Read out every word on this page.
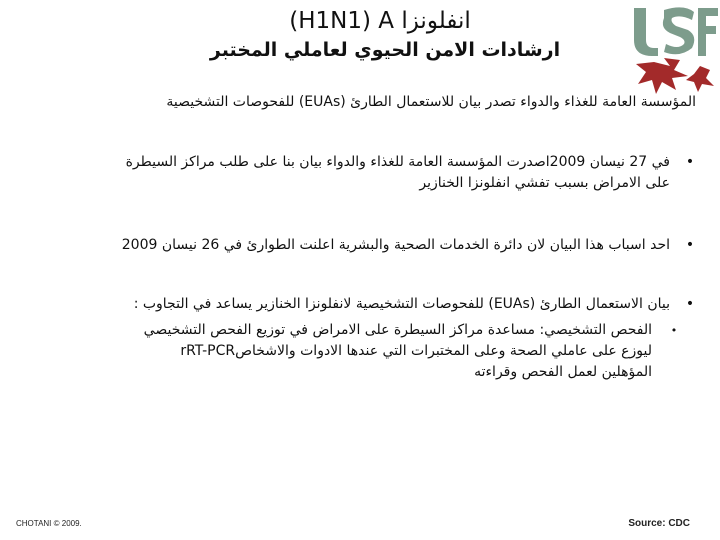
انفلونزا H1N1) A)
ارشادات الامن الحيوي لعاملي المختبر
المؤسسة العامة للغذاء والدواء تصدر بيان للاستعمال الطارئ (EUAs) للفحوصات التشخيصية
•
في 27 نيسان 2009اصدرت المؤسسة العامة للغذاء والدواء بيان بنا على طلب مراكز السيطرة
على الامراض بسبب تفشي انفلونزا الخنازير
•
احد اسباب هذا البيان لان دائرة الخدمات الصحية والبشرية اعلنت الطوارئ في 26 نيسان 2009
•
بيان الاستعمال الطارئ (EUAs) للفحوصات التشخيصية لانفلونزا الخنازير يساعد في التجاوب :
•
الفحص التشخيصي: مساعدة مراكز السيطرة على الامراض في توزيع الفحص التشخيصي
rRT-PCRليوزع على عاملي الصحة وعلى المختبرات التي عندها الادوات والاشخاص
المؤهلين لعمل الفحص وقراءته
CHOTANI © 2009.	Source: CDC
